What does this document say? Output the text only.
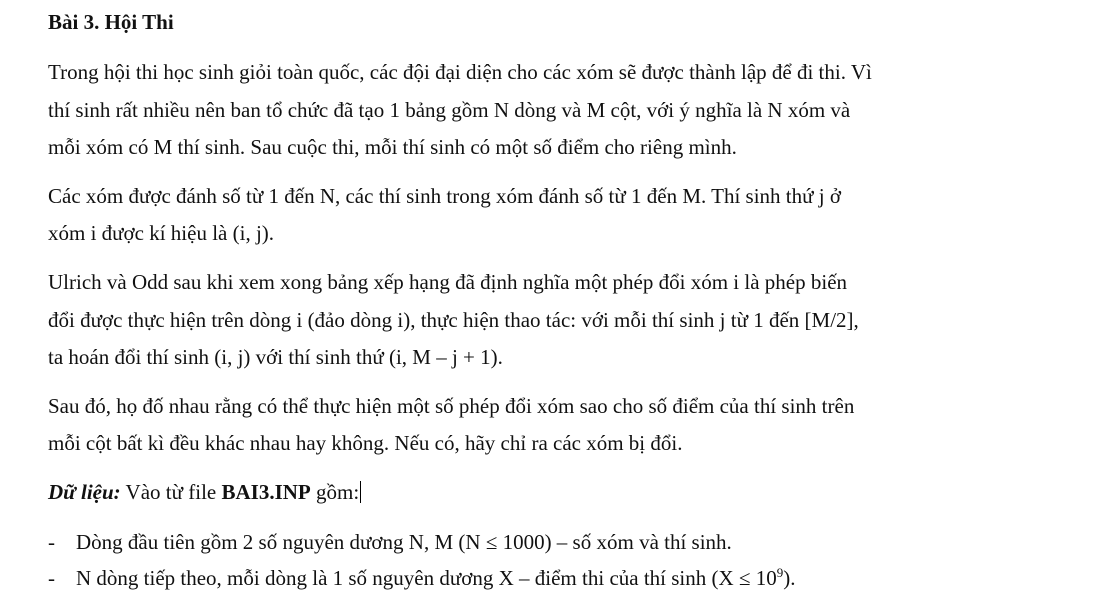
Bài 3. Hội Thi
Trong hội thi học sinh giỏi toàn quốc, các đội đại diện cho các xóm sẽ được thành lập để đi thi. Vì
thí sinh rất nhiều nên ban tổ chức đã tạo 1 bảng gồm N dòng và M cột, với ý nghĩa là N xóm và
mỗi xóm có M thí sinh. Sau cuộc thi, mỗi thí sinh có một số điểm cho riêng mình.
Các xóm được đánh số từ 1 đến N, các thí sinh trong xóm đánh số từ 1 đến M. Thí sinh thứ j ở
xóm i được kí hiệu là (i, j).
Ulrich và Odd sau khi xem xong bảng xếp hạng đã định nghĩa một phép đổi xóm i là phép biến
đổi được thực hiện trên dòng i (đảo dòng i), thực hiện thao tác: với mỗi thí sinh j từ 1 đến [M/2],
ta hoán đổi thí sinh (i, j) với thí sinh thứ (i, M – j + 1).
Sau đó, họ đố nhau rằng có thể thực hiện một số phép đổi xóm sao cho số điểm của thí sinh trên
mỗi cột bất kì đều khác nhau hay không. Nếu có, hãy chỉ ra các xóm bị đổi.
Dữ liệu: Vào từ file BAI3.INP gồm:
- Dòng đầu tiên gồm 2 số nguyên dương N, M (N ≤ 1000) – số xóm và thí sinh.
- N dòng tiếp theo, mỗi dòng là 1 số nguyên dương X – điểm thi của thí $\sinh (X \le 10^9)$.
